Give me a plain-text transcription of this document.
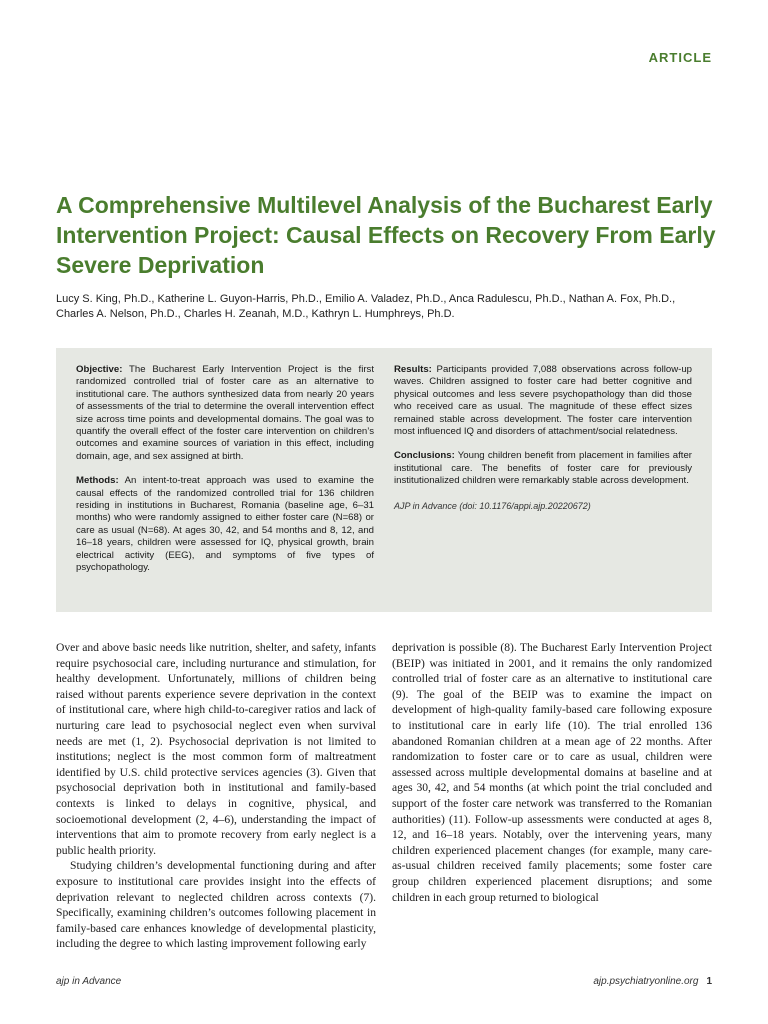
ARTICLE
A Comprehensive Multilevel Analysis of the Bucharest Early Intervention Project: Causal Effects on Recovery From Early Severe Deprivation

Lucy S. King, Ph.D., Katherine L. Guyon-Harris, Ph.D., Emilio A. Valadez, Ph.D., Anca Radulescu, Ph.D., Nathan A. Fox, Ph.D., Charles A. Nelson, Ph.D., Charles H. Zeanah, M.D., Kathryn L. Humphreys, Ph.D.

Objective: The Bucharest Early Intervention Project is the first randomized controlled trial of foster care as an alternative to institutional care. The authors synthesized data from nearly 20 years of assessments of the trial to determine the overall intervention effect size across time points and developmental domains. The goal was to quantify the overall effect of the foster care intervention on children’s outcomes and examine sources of variation in this effect, including domain, age, and sex assigned at birth.

Methods: An intent-to-treat approach was used to examine the causal effects of the randomized controlled trial for 136 children residing in institutions in Bucharest, Romania (baseline age, 6–31 months) who were randomly assigned to either foster care (N=68) or care as usual (N=68). At ages 30, 42, and 54 months and 8, 12, and 16–18 years, children were assessed for IQ, physical growth, brain electrical activity (EEG), and symptoms of five types of psychopathology.

Results: Participants provided 7,088 observations across follow-up waves. Children assigned to foster care had better cognitive and physical outcomes and less severe psychopathology than did those who received care as usual. The magnitude of these effect sizes remained stable across development. The foster care intervention most influenced IQ and disorders of attachment/social relatedness.

Conclusions: Young children benefit from placement in families after institutional care. The benefits of foster care for previously institutionalized children were remarkably stable across development.

AJP in Advance (doi: 10.1176/appi.ajp.20220672)

Over and above basic needs like nutrition, shelter, and safety, infants require psychosocial care, including nurturance and stimulation, for healthy development. Unfortunately, millions of children being raised without parents experience severe deprivation in the context of institutional care, where high child-to-caregiver ratios and lack of nurturing care lead to psychosocial neglect even when survival needs are met (1, 2). Psychosocial deprivation is not limited to institutions; neglect is the most common form of maltreatment identified by U.S. child protective services agencies (3). Given that psychosocial deprivation both in institutional and family-based contexts is linked to delays in cognitive, physical, and socioemotional development (2, 4–6), understanding the impact of interventions that aim to promote recovery from early neglect is a public health priority.

Studying children’s developmental functioning during and after exposure to institutional care provides insight into the effects of deprivation relevant to neglected children across contexts (7). Specifically, examining children’s outcomes following placement in family-based care enhances knowledge of developmental plasticity, including the degree to which lasting improvement following early

deprivation is possible (8). The Bucharest Early Intervention Project (BEIP) was initiated in 2001, and it remains the only randomized controlled trial of foster care as an alternative to institutional care (9). The goal of the BEIP was to examine the impact on development of high-quality family-based care following exposure to institutional care in early life (10). The trial enrolled 136 abandoned Romanian children at a mean age of 22 months. After randomization to foster care or to care as usual, children were assessed across multiple developmental domains at baseline and at ages 30, 42, and 54 months (at which point the trial concluded and support of the foster care network was transferred to the Romanian authorities) (11). Follow-up assessments were conducted at ages 8, 12, and 16–18 years. Notably, over the intervening years, many children experienced placement changes (for example, many care-as-usual children received family placements; some foster care group children experienced placement disruptions; and some children in each group returned to biological

ajp in Advance	ajp.psychiatryonline.org 1
